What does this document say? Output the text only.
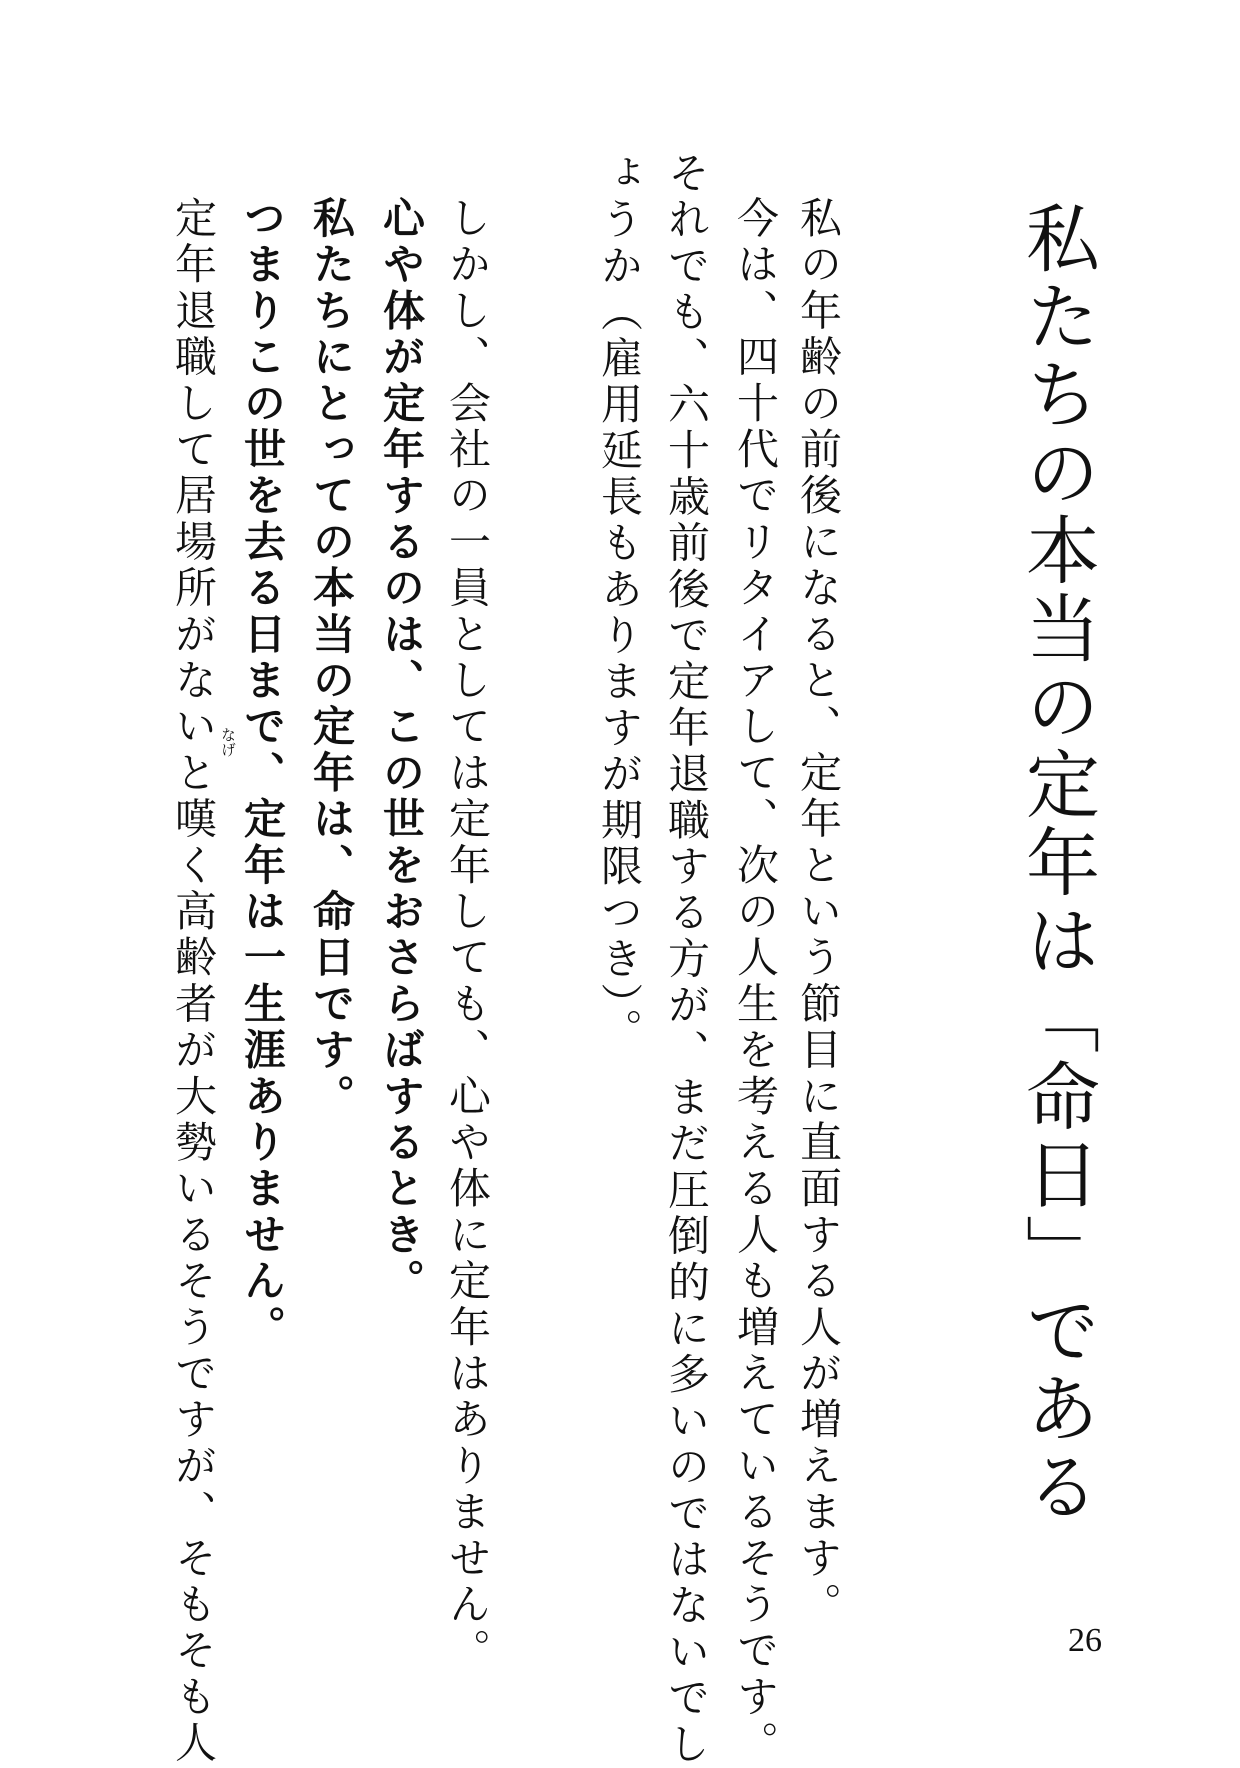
私たちの本当の定年は「命日」である
私の年齢の前後になると、定年という節目に直面する人が増えます。
今は、四十代でリタイアして、次の人生を考える人も増えているそうです。
それでも、六十歳前後で定年退職する方が、まだ圧倒的に多いのではないでし
ょうか（雇用延長もありますが期限つき）。
しかし、会社の一員としては定年しても、心や体に定年はありません。
心や体が定年するのは、この世をおさらばするとき。
私たちにとっての本当の定年は、命日です。
つまりこの世を去る日まで、定年は一生涯ありません。
定年退職して居場所がないと嘆く高齢者が大勢いるそうですが、そもそも人 なげ
26
